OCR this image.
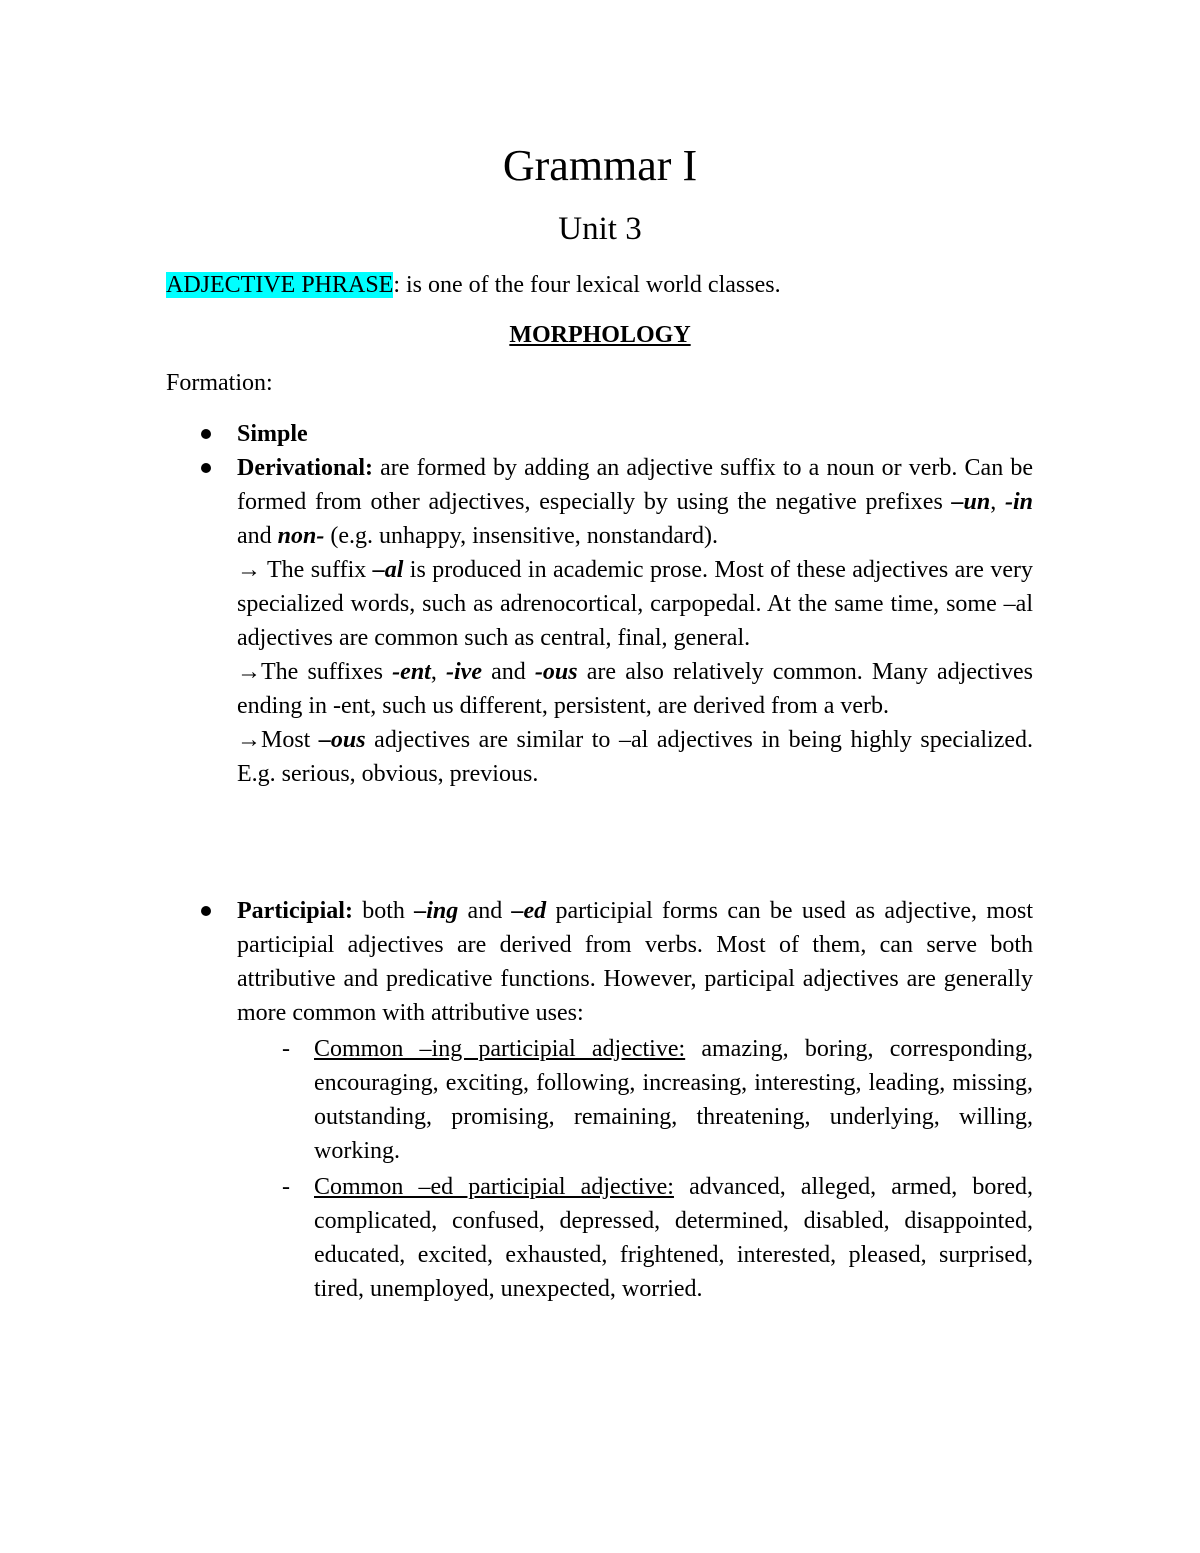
Grammar I
Unit 3
ADJECTIVE PHRASE: is one of the four lexical world classes.
MORPHOLOGY
Formation:
Simple

Derivational: are formed by adding an adjective suffix to a noun or verb. Can be formed from other adjectives, especially by using the negative prefixes –un, -in and non- (e.g. unhappy, insensitive, nonstandard).

→ The suffix –al is produced in academic prose. Most of these adjectives are very specialized words, such as adrenocortical, carpopedal. At the same time, some –al adjectives are common such as central, final, general.

→The suffixes -ent, -ive and -ous are also relatively common. Many adjectives ending in -ent, such us different, persistent, are derived from a verb.

→Most –ous adjectives are similar to –al adjectives in being highly specialized. E.g. serious, obvious, previous.

Participial: both –ing and –ed participial forms can be used as adjective, most participial adjectives are derived from verbs. Most of them, can serve both attributive and predicative functions. However, participal adjectives are generally more common with attributive uses:

- Common –ing participial adjective: amazing, boring, corresponding, encouraging, exciting, following, increasing, interesting, leading, missing, outstanding, promising, remaining, threatening, underlying, willing, working.

- Common –ed participial adjective: advanced, alleged, armed, bored, complicated, confused, depressed, determined, disabled, disappointed, educated, excited, exhausted, frightened, interested, pleased, surprised, tired, unemployed, unexpected, worried.
